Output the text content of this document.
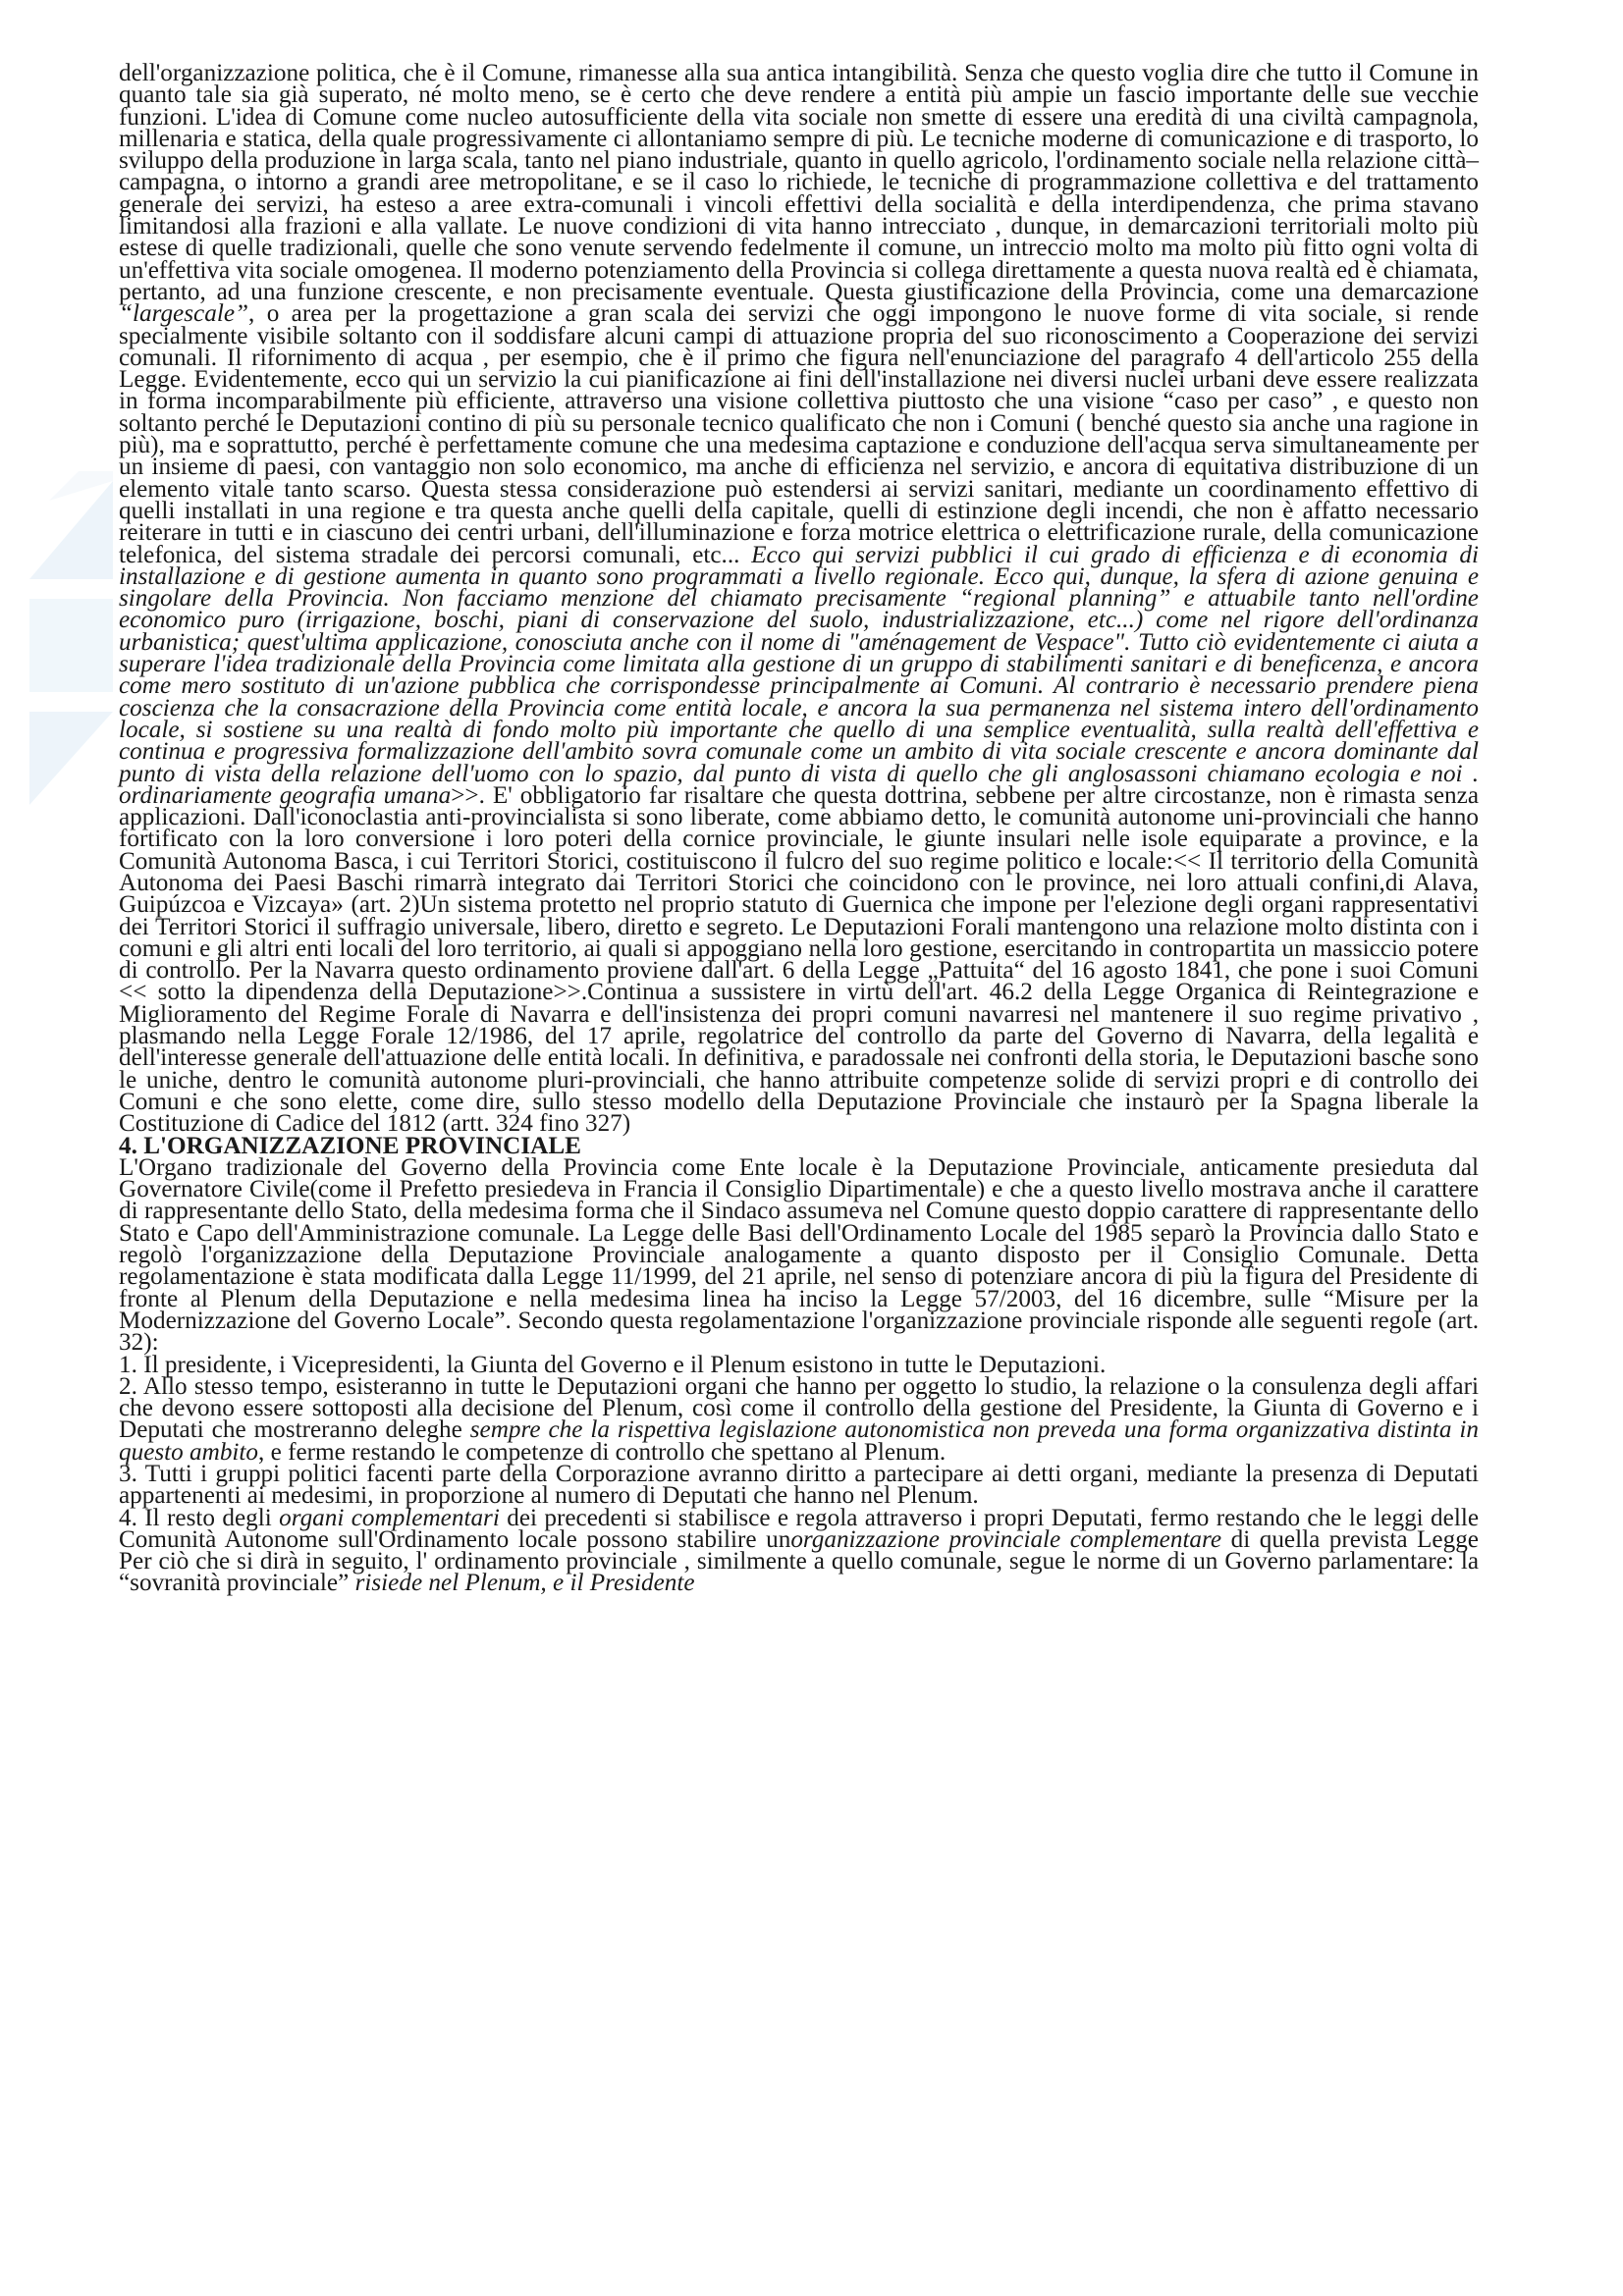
dell'organizzazione politica, che è il Comune, rimanesse alla sua antica intangibilità. Senza che questo voglia dire che tutto il Comune in quanto tale sia già superato, né molto meno, se è certo che deve rendere a entità più ampie un fascio importante delle sue vecchie funzioni. L'idea di Comune come nucleo autosufficiente della vita sociale non smette di essere una eredità di una civiltà campagnola, millenaria e statica, della quale progressivamente ci allontaniamo sempre di più. Le tecniche moderne di comunicazione e di trasporto, lo sviluppo della produzione in larga scala, tanto nel piano industriale, quanto in quello agricolo, l'ordinamento sociale nella relazione città–campagna, o intorno a grandi aree metropolitane, e se il caso lo richiede, le tecniche di programmazione collettiva e del trattamento generale dei servizi, ha esteso a aree extra-comunali i vincoli effettivi della socialità e della interdipendenza, che prima stavano limitandosi alla frazioni e alla vallate. Le nuove condizioni di vita hanno intrecciato , dunque, in demarcazioni territoriali molto più estese di quelle tradizionali, quelle che sono venute servendo fedelmente il comune, un intreccio molto ma molto più fitto ogni volta di un'effettiva vita sociale omogenea. Il moderno potenziamento della Provincia si collega direttamente a questa nuova realtà ed è chiamata, pertanto, ad una funzione crescente, e non precisamente eventuale. Questa giustificazione della Provincia, come una demarcazione “largescale”, o area per la progettazione a gran scala dei servizi che oggi impongono le nuove forme di vita sociale, si rende specialmente visibile soltanto con il soddisfare alcuni campi di attuazione propria del suo riconoscimento a Cooperazione dei servizi comunali. Il rifornimento di acqua , per esempio, che è il primo che figura nell'enunciazione del paragrafo 4 dell'articolo 255 della Legge. Evidentemente, ecco qui un servizio la cui pianificazione ai fini dell'installazione nei diversi nuclei urbani deve essere realizzata in forma incomparabilmente più efficiente, attraverso una visione collettiva piuttosto che una visione “caso per caso” , e questo non soltanto perché le Deputazioni contino di più su personale tecnico qualificato che non i Comuni ( benché questo sia anche una ragione in più), ma e soprattutto, perché è perfettamente comune che una medesima captazione e conduzione dell'acqua serva simultaneamente per un insieme di paesi, con vantaggio non solo economico, ma anche di efficienza nel servizio, e ancora di equitativa distribuzione di un elemento vitale tanto scarso. Questa stessa considerazione può estendersi ai servizi sanitari, mediante un coordinamento effettivo di quelli installati in una regione e tra questa anche quelli della capitale, quelli di estinzione degli incendi, che non è affatto necessario reiterare in tutti e in ciascuno dei centri urbani, dell'illuminazione e forza motrice elettrica o elettrificazione rurale, della comunicazione telefonica, del sistema stradale dei percorsi comunali, etc... Ecco qui servizi pubblici il cui grado di efficienza e di economia di installazione e di gestione aumenta in quanto sono programmati a livello regionale. Ecco qui, dunque, la sfera di azione genuina e singolare della Provincia. Non facciamo menzione del chiamato precisamente “regional planning” e attuabile tanto nell'ordine economico puro (irrigazione, boschi, piani di conservazione del suolo, industrializzazione, etc...) come nel rigore dell'ordinanza urbanistica; quest'ultima applicazione, conosciuta anche con il nome di "aménagement de Vespace". Tutto ciò evidentemente ci aiuta a superare l'idea tradizionale della Provincia come limitata alla gestione di un gruppo di stabilimenti sanitari e di beneficenza, e ancora come mero sostituto di un'azione pubblica che corrispondesse principalmente ai Comuni. Al contrario è necessario prendere piena coscienza che la consacrazione della Provincia come entità locale, e ancora la sua permanenza nel sistema intero dell'ordinamento locale, si sostiene su una realtà di fondo molto più importante che quello di una semplice eventualità, sulla realtà dell'effettiva e continua e progressiva formalizzazione dell'ambito sovra comunale come un ambito di vita sociale crescente e ancora dominante dal punto di vista della relazione dell'uomo con lo spazio, dal punto di vista di quello che gli anglosassoni chiamano ecologia e noi . ordinariamente geografia umana>>. E' obbligatorio far risaltare che questa dottrina, sebbene per altre circostanze, non è rimasta senza applicazioni. Dall'iconoclastia anti-provincialista si sono liberate, come abbiamo detto, le comunità autonome uni-provinciali che hanno fortificato con la loro conversione i loro poteri della cornice provinciale, le giunte insulari nelle isole equiparate a province, e la Comunità Autonoma Basca, i cui Territori Storici, costituiscono il fulcro del suo regime politico e locale:<< Il territorio della Comunità Autonoma dei Paesi Baschi rimarrà integrato dai Territori Storici che coincidono con le province, nei loro attuali confini,di Alava, Guipúzcoa e Vizcaya» (art. 2)Un sistema protetto nel proprio statuto di Guernica che impone per l'elezione degli organi rappresentativi dei Territori Storici il suffragio universale, libero, diretto e segreto. Le Deputazioni Forali mantengono una relazione molto distinta con i comuni e gli altri enti locali del loro territorio, ai quali si appoggiano nella loro gestione, esercitando in contropartita un massiccio potere di controllo. Per la Navarra questo ordinamento proviene dall'art. 6 della Legge „Pattuita“ del 16 agosto 1841, che pone i suoi Comuni << sotto la dipendenza della Deputazione>>.Continua a sussistere in virtù dell'art. 46.2 della Legge Organica di Reintegrazione e Miglioramento del Regime Forale di Navarra e dell'insistenza dei propri comuni navarresi nel mantenere il suo regime privativo , plasmando nella Legge Forale 12/1986, del 17 aprile, regolatrice del controllo da parte del Governo di Navarra, della legalità e dell'interesse generale dell'attuazione delle entità locali. In definitiva, e paradossale nei confronti della storia, le Deputazioni basche sono le uniche, dentro le comunità autonome pluri-provinciali, che hanno attribuite competenze solide di servizi propri e di controllo dei Comuni e che sono elette, come dire, sullo stesso modello della Deputazione Provinciale che instaurò per la Spagna liberale la Costituzione di Cadice del 1812 (artt. 324 fino 327)

4. L'ORGANIZZAZIONE PROVINCIALE

L'Organo tradizionale del Governo della Provincia come Ente locale è la Deputazione Provinciale, anticamente presieduta dal Governatore Civile(come il Prefetto presiedeva in Francia il Consiglio Dipartimentale) e che a questo livello mostrava anche il carattere di rappresentante dello Stato, della medesima forma che il Sindaco assumeva nel Comune questo doppio carattere di rappresentante dello Stato e Capo dell'Amministrazione comunale. La Legge delle Basi dell'Ordinamento Locale del 1985 separò la Provincia dallo Stato e regolò l'organizzazione della Deputazione Provinciale analogamente a quanto disposto per il Consiglio Comunale. Detta regolamentazione è stata modificata dalla Legge 11/1999, del 21 aprile, nel senso di potenziare ancora di più la figura del Presidente di fronte al Plenum della Deputazione e nella medesima linea ha inciso la Legge 57/2003, del 16 dicembre, sulle “Misure per la Modernizzazione del Governo Locale”. Secondo questa regolamentazione l'organizzazione provinciale risponde alle seguenti regole (art. 32):

1. Il presidente, i Vicepresidenti, la Giunta del Governo e il Plenum esistono in tutte le Deputazioni.

2. Allo stesso tempo, esisteranno in tutte le Deputazioni organi che hanno per oggetto lo studio, la relazione o la consulenza degli affari che devono essere sottoposti alla decisione del Plenum, così come il controllo della gestione del Presidente, la Giunta di Governo e i Deputati che mostreranno deleghe sempre che la rispettiva legislazione autonomistica non preveda una forma organizzativa distinta in questo ambito, e ferme restando le competenze di controllo che spettano al Plenum.

3. Tutti i gruppi politici facenti parte della Corporazione avranno diritto a partecipare ai detti organi, mediante la presenza di Deputati appartenenti ai medesimi, in proporzione al numero di Deputati che hanno nel Plenum.

4. Il resto degli organi complementari dei precedenti si stabilisce e regola attraverso i propri Deputati, fermo restando che le leggi delle Comunità Autonome sull'Ordinamento locale possono stabilire unorganizzazione provinciale complementare di quella prevista Legge Per ciò che si dirà in seguito, l' ordinamento provinciale , similmente a quello comunale, segue le norme di un Governo parlamentare: la “sovranità provinciale” risiede nel Plenum, e il Presidente
